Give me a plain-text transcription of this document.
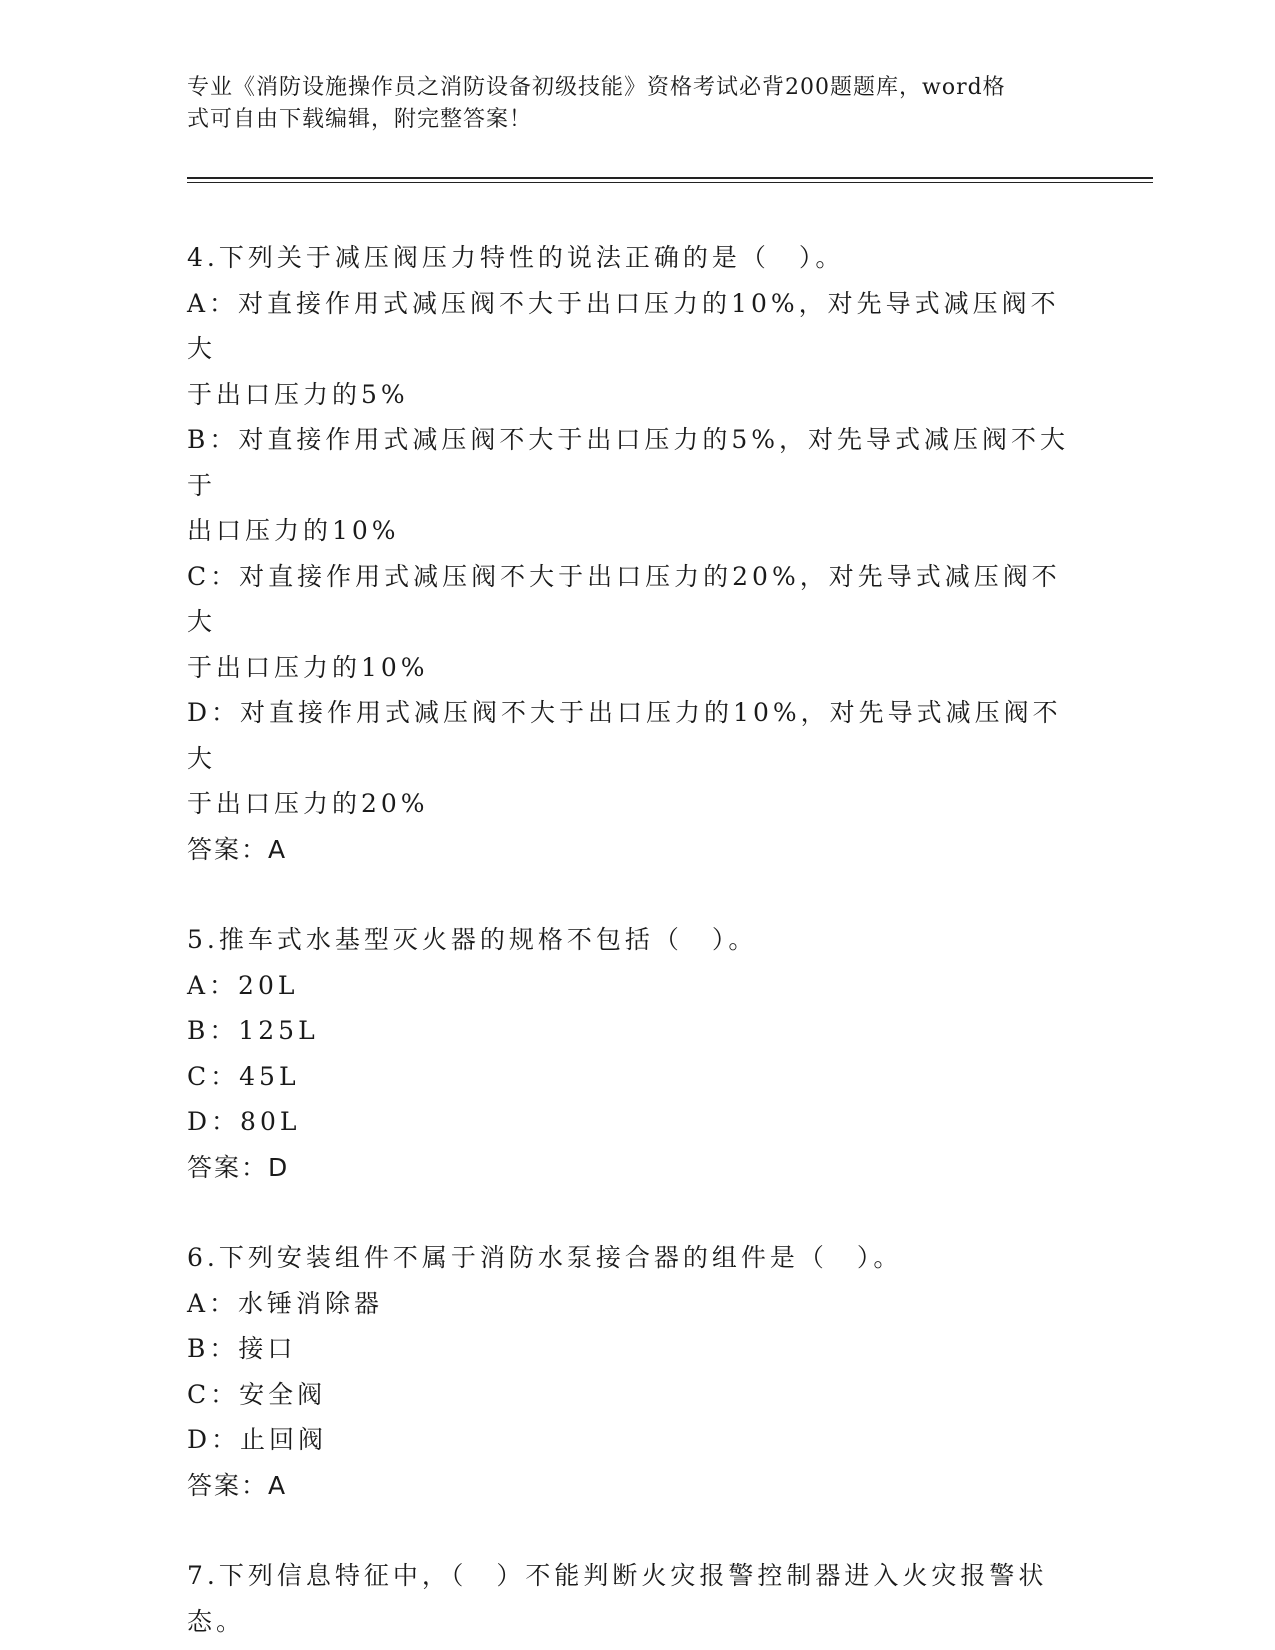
专业《消防设施操作员之消防设备初级技能》资格考试必背200题题库，word格
式可自由下载编辑，附完整答案！
4.下列关于减压阀压力特性的说法正确的是（　）。
A：对直接作用式减压阀不大于出口压力的10%，对先导式减压阀不大
于出口压力的5%
B：对直接作用式减压阀不大于出口压力的5%，对先导式减压阀不大于
出口压力的10%
C：对直接作用式减压阀不大于出口压力的20%，对先导式减压阀不大
于出口压力的10%
D：对直接作用式减压阀不大于出口压力的10%，对先导式减压阀不大
于出口压力的20%
答案：A
5.推车式水基型灭火器的规格不包括（　）。
A：20L
B：125L
C：45L
D：80L
答案：D
6.下列安装组件不属于消防水泵接合器的组件是（　）。
A：水锤消除器
B：接口
C：安全阀
D：止回阀
答案：A
7.下列信息特征中，（　）不能判断火灾报警控制器进入火灾报警状
态。
